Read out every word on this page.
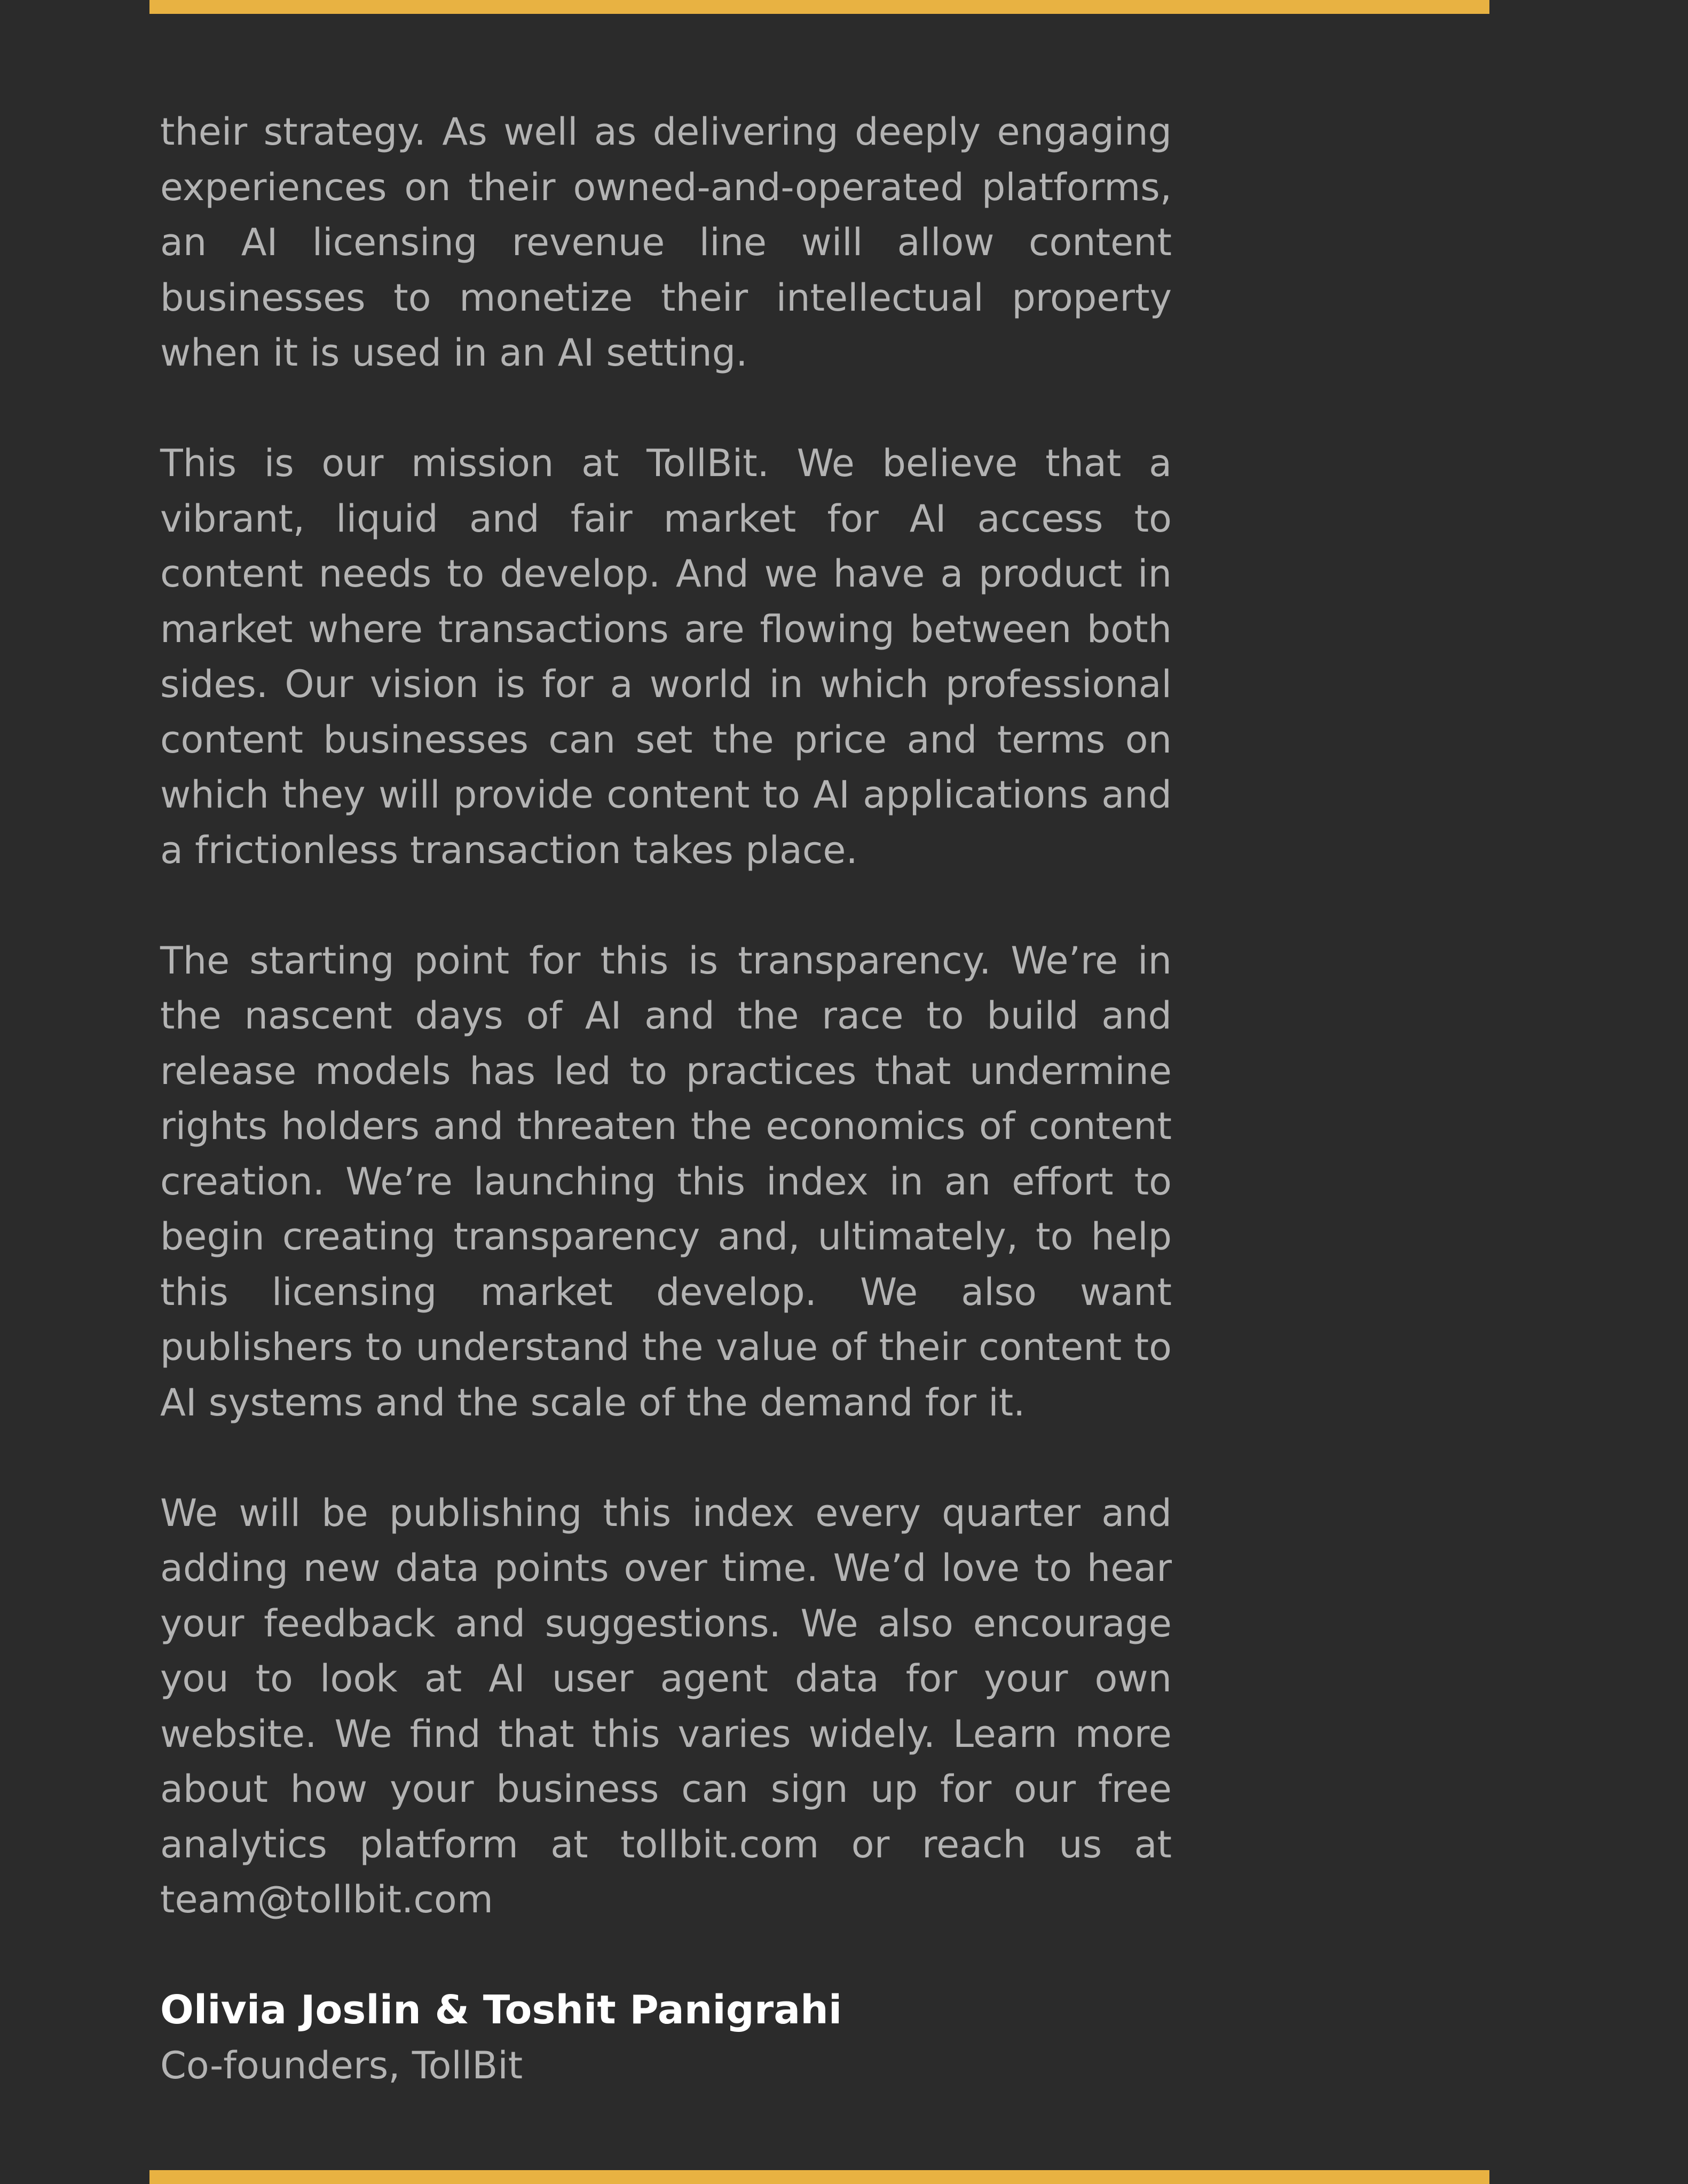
their strategy. As well as delivering deeply engaging experiences on their owned-and-operated platforms, an AI licensing revenue line will allow content businesses to monetize their intellectual property when it is used in an AI setting.

This is our mission at TollBit. We believe that a vibrant, liquid and fair market for AI access to content needs to develop. And we have a product in market where transactions are flowing between both sides. Our vision is for a world in which professional content businesses can set the price and terms on which they will provide content to AI applications and a frictionless transaction takes place.

The starting point for this is transparency. We’re in the nascent days of AI and the race to build and release models has led to practices that undermine rights holders and threaten the economics of content creation. We’re launching this index in an effort to begin creating transparency and, ultimately, to help this licensing market develop. We also want publishers to understand the value of their content to AI systems and the scale of the demand for it.

We will be publishing this index every quarter and adding new data points over time. We’d love to hear your feedback and suggestions. We also encourage you to look at AI user agent data for your own website. We find that this varies widely. Learn more about how your business can sign up for our free analytics platform at tollbit.com or reach us at team@tollbit.com

Olivia Joslin & Toshit Panigrahi

Co-founders, TollBit
